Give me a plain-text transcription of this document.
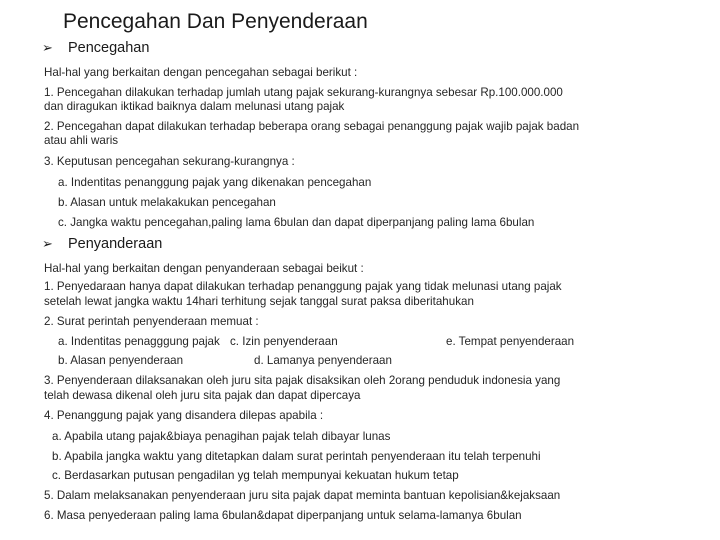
Pencegahan Dan Penyenderaan
➢ Pencegahan
Hal-hal yang berkaitan dengan pencegahan sebagai berikut :
1. Pencegahan dilakukan terhadap jumlah utang pajak sekurang-kurangnya sebesar Rp.100.000.000
dan diragukan iktikad baiknya dalam melunasi utang pajak
2. Pencegahan dapat dilakukan terhadap beberapa orang sebagai penanggung pajak wajib pajak badan
atau ahli waris
3. Keputusan pencegahan sekurang-kurangnya :
a. Indentitas penanggung pajak yang dikenakan pencegahan
b. Alasan untuk melakakukan pencegahan
c. Jangka waktu pencegahan,paling lama 6bulan dan dapat diperpanjang paling lama 6bulan
➢ Penyanderaan
Hal-hal yang berkaitan dengan penyanderaan sebagai beikut :
1. Penyedaraan hanya dapat dilakukan terhadap penanggung pajak yang tidak melunasi utang pajak
setelah lewat jangka waktu 14hari terhitung sejak tanggal surat paksa diberitahukan
2. Surat perintah penyenderaan memuat :
a. Indentitas penagggung pajak c. Izin penyenderaan	e. Tempat penyenderaan
b. Alasan penyenderaan	d. Lamanya penyenderaan
3. Penyenderaan dilaksanakan oleh juru sita pajak disaksikan oleh 2orang penduduk indonesia yang
telah dewasa dikenal oleh juru sita pajak dan dapat dipercaya
4. Penanggung pajak yang disandera dilepas apabila :
a. Apabila utang pajak&biaya penagihan pajak telah dibayar lunas
b. Apabila jangka waktu yang ditetapkan dalam surat perintah penyenderaan itu telah terpenuhi
c. Berdasarkan putusan pengadilan yg telah mempunyai kekuatan hukum tetap
5. Dalam melaksanakan penyenderaan juru sita pajak dapat meminta bantuan kepolisian&kejaksaan
6. Masa penyederaan paling lama 6bulan&dapat diperpanjang untuk selama-lamanya 6bulan
